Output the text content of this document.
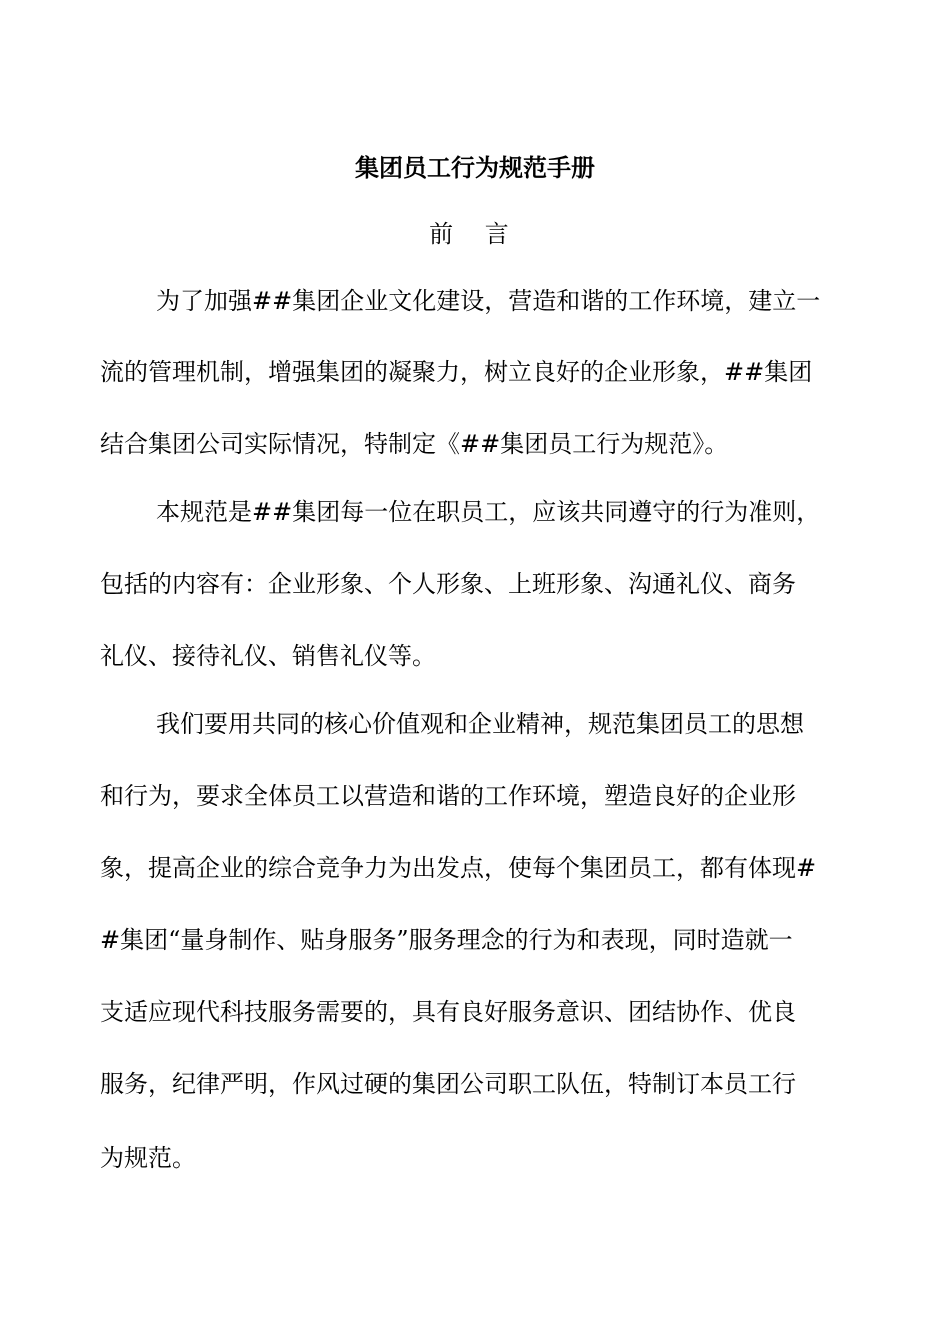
集团员工行为规范手册
前 言
为了加强##集团企业文化建设，营造和谐的工作环境，建立一
流的管理机制，增强集团的凝聚力，树立良好的企业形象，##集团
结合集团公司实际情况，特制定《##集团员工行为规范》。
本规范是##集团每一位在职员工，应该共同遵守的行为准则，
包括的内容有：企业形象、个人形象、上班形象、沟通礼仪、商务
礼仪、接待礼仪、销售礼仪等。
我们要用共同的核心价值观和企业精神，规范集团员工的思想
和行为，要求全体员工以营造和谐的工作环境，塑造良好的企业形
象，提高企业的综合竞争力为出发点，使每个集团员工，都有体现#
#集团“量身制作、贴身服务”服务理念的行为和表现，同时造就一
支适应现代科技服务需要的，具有良好服务意识、团结协作、优良
服务，纪律严明，作风过硬的集团公司职工队伍，特制订本员工行
为规范。
